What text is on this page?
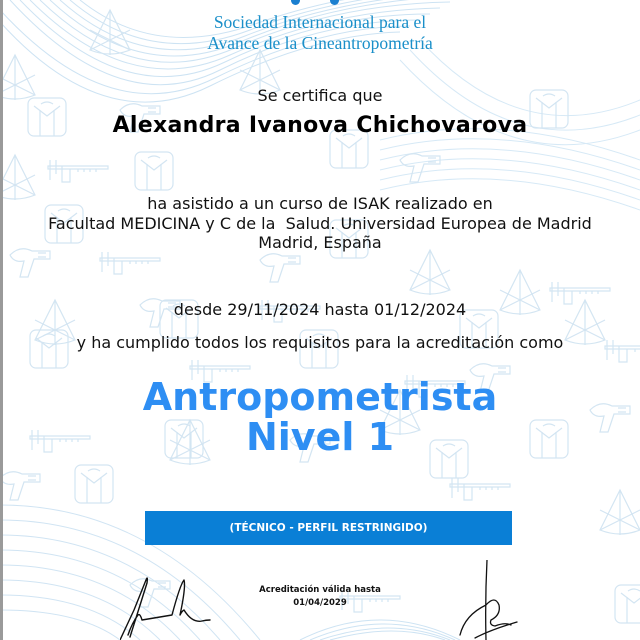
Sociedad Internacional para el
Avance de la Cineantropometría
Se certifica que
Alexandra Ivanova Chichovarova
ha asistido a un curso de ISAK realizado en
Facultad MEDICINA y C de la  Salud. Universidad Europea de Madrid
Madrid, España
desde 29/11/2024 hasta 01/12/2024
y ha cumplido todos los requisitos para la acreditación como
Antropometrista
Nivel 1
(TÉCNICO - PERFIL RESTRINGIDO)
Acreditación válida hasta
01/04/2029
